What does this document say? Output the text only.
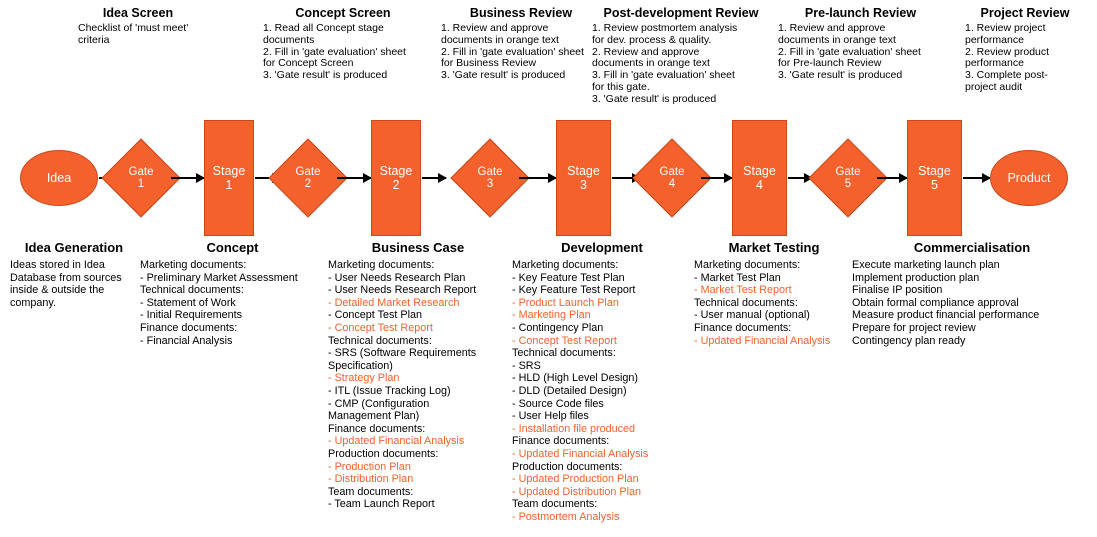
Idea Screen
Checklist of 'must meet'
criteria
Concept Screen
1. Read all Concept stage
documents
2. Fill in 'gate evaluation' sheet
for Concept Screen
3. 'Gate result' is produced
Business Review
1. Review and approve
documents in orange text
2. Fill in 'gate evaluation' sheet
for Business Review
3. 'Gate result' is produced
Post-development Review
1. Review postmortem analysis
for dev. process & quality.
2. Review and approve
documents in orange text
3. Fill in 'gate evaluation' sheet
for this gate.
3. 'Gate result' is produced
Pre-launch Review
1. Review and approve
documents in orange text
2. Fill in 'gate evaluation' sheet
for Pre-launch Review
3. 'Gate result' is produced
Project Review
1. Review project
performance
2. Review product
performance
3. Complete post-
project audit
Idea	Gate
1
Stage
1
Gate
2
Stage
2
Gate
3
Stage
3
Gate
4
Stage
4
Gate
5
Stage
5	Product
Idea Generation
Ideas stored in Idea
Database from sources
inside & outside the
company.
Concept
Marketing documents:
- Preliminary Market Assessment
Technical documents:
- Statement of Work
- Initial Requirements
Finance documents:
- Financial Analysis
Business Case
Marketing documents:
- User Needs Research Plan
- User Needs Research Report
- Detailed Market Research
- Concept Test Plan
- Concept Test Report
Technical documents:
- SRS (Software Requirements
Specification)
- Strategy Plan
- ITL (Issue Tracking Log)
- CMP (Configuration
Management Plan)
Finance documents:
- Updated Financial Analysis
Production documents:
- Production Plan
- Distribution Plan
Team documents:
- Team Launch Report
Development
Marketing documents:
- Key Feature Test Plan
- Key Feature Test Report
- Product Launch Plan
- Marketing Plan
- Contingency Plan
- Concept Test Report
Technical documents:
- SRS
- HLD (High Level Design)
- DLD (Detailed Design)
- Source Code files
- User Help files
- Installation file produced
Finance documents:
- Updated Financial Analysis
Production documents:
- Updated Production Plan
- Updated Distribution Plan
Team documents:
- Postmortem Analysis
Market Testing
Marketing documents:
- Market Test Plan
- Market Test Report
Technical documents:
- User manual (optional)
Finance documents:
- Updated Financial Analysis
Commercialisation
Execute marketing launch plan
Implement production plan
Finalise IP position
Obtain formal compliance approval
Measure product financial performance
Prepare for project review
Contingency plan ready
